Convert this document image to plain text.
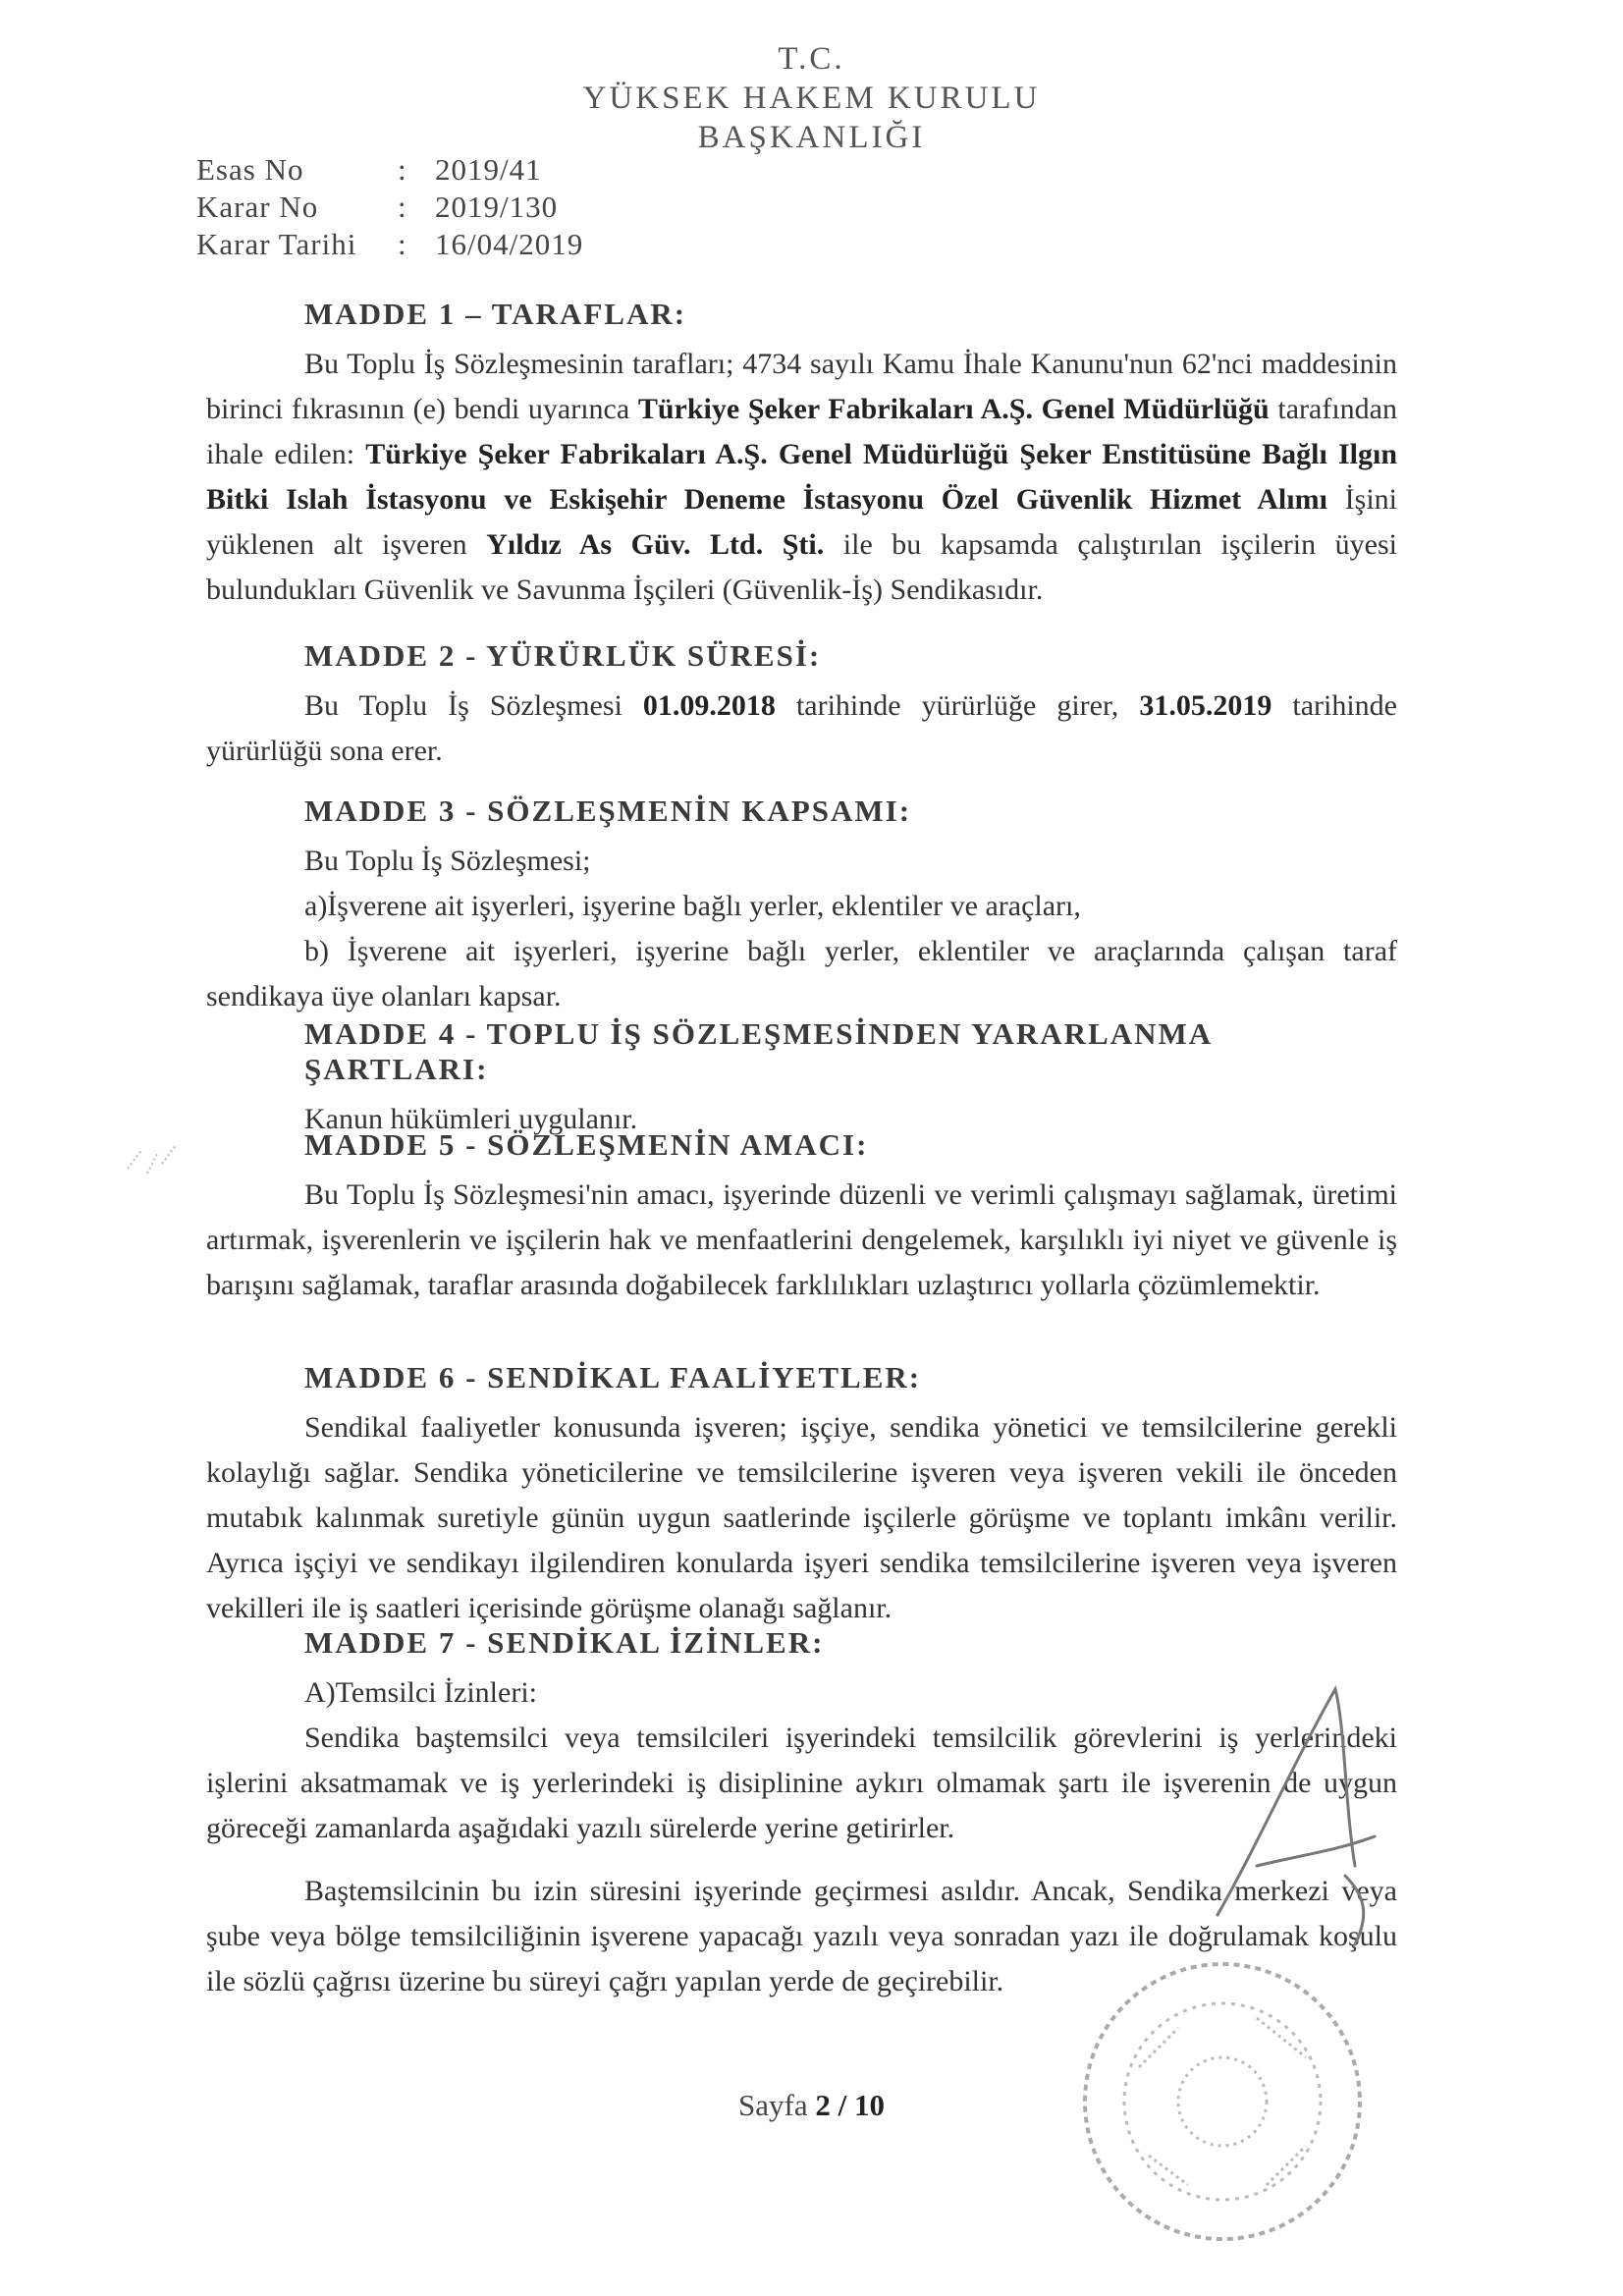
T.C.
YÜKSEK HAKEM KURULU
BAŞKANLIĞI
Esas No	: 2019/41
Karar No	: 2019/130
Karar Tarihi : 16/04/2019
MADDE 1 – TARAFLAR:

Bu Toplu İş Sözleşmesinin tarafları; 4734 sayılı Kamu İhale Kanunu'nun 62'nci maddesinin birinci fıkrasının (e) bendi uyarınca Türkiye Şeker Fabrikaları A.Ş. Genel Müdürlüğü tarafından ihale edilen: Türkiye Şeker Fabrikaları A.Ş. Genel Müdürlüğü Şeker Enstitüsüne Bağlı Ilgın Bitki Islah İstasyonu ve Eskişehir Deneme İstasyonu Özel Güvenlik Hizmet Alımı İşini yüklenen alt işveren Yıldız As Güv. Ltd. Şti. ile bu kapsamda çalıştırılan işçilerin üyesi bulundukları Güvenlik ve Savunma İşçileri (Güvenlik-İş) Sendikasıdır.

MADDE 2 - YÜRÜRLÜK SÜRESİ:

Bu Toplu İş Sözleşmesi 01.09.2018 tarihinde yürürlüğe girer, 31.05.2019 tarihinde yürürlüğü sona erer.

MADDE 3 - SÖZLEŞMENİN KAPSAMI:

Bu Toplu İş Sözleşmesi;

a)İşverene ait işyerleri, işyerine bağlı yerler, eklentiler ve araçları,

b) İşverene ait işyerleri, işyerine bağlı yerler, eklentiler ve araçlarında çalışan taraf sendikaya üye olanları kapsar.

MADDE 4 - TOPLU İŞ SÖZLEŞMESİNDEN YARARLANMA ŞARTLARI:

Kanun hükümleri uygulanır.

MADDE 5 - SÖZLEŞMENİN AMACI:

Bu Toplu İş Sözleşmesi'nin amacı, işyerinde düzenli ve verimli çalışmayı sağlamak, üretimi artırmak, işverenlerin ve işçilerin hak ve menfaatlerini dengelemek, karşılıklı iyi niyet ve güvenle iş barışını sağlamak, taraflar arasında doğabilecek farklılıkları uzlaştırıcı yollarla çözümlemektir.

MADDE 6 - SENDİKAL FAALİYETLER:

Sendikal faaliyetler konusunda işveren; işçiye, sendika yönetici ve temsilcilerine gerekli kolaylığı sağlar. Sendika yöneticilerine ve temsilcilerine işveren veya işveren vekili ile önceden mutabık kalınmak suretiyle günün uygun saatlerinde işçilerle görüşme ve toplantı imkânı verilir. Ayrıca işçiyi ve sendikayı ilgilendiren konularda işyeri sendika temsilcilerine işveren veya işveren vekilleri ile iş saatleri içerisinde görüşme olanağı sağlanır.

MADDE 7 - SENDİKAL İZİNLER:

A)Temsilci İzinleri:

Sendika baştemsilci veya temsilcileri işyerindeki temsilcilik görevlerini iş yerlerindeki işlerini aksatmamak ve iş yerlerindeki iş disiplinine aykırı olmamak şartı ile işverenin de uygun göreceği zamanlarda aşağıdaki yazılı sürelerde yerine getirirler.

Baştemsilcinin bu izin süresini işyerinde geçirmesi asıldır. Ancak, Sendika merkezi veya şube veya bölge temsilciliğinin işverene yapacağı yazılı veya sonradan yazı ile doğrulamak koşulu ile sözlü çağrısı üzerine bu süreyi çağrı yapılan yerde de geçirebilir.

Sayfa 2 / 10
